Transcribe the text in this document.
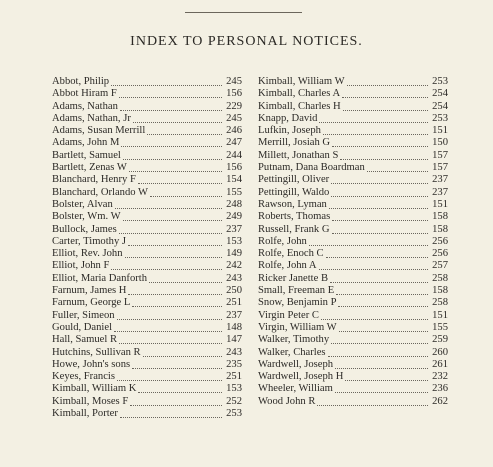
INDEX TO PERSONAL NOTICES.
Abbot, Philip	245
Abbot Hiram F	156
Adams, Nathan	229
Adams, Nathan, Jr	245
Adams, Susan Merrill	246
Adams, John M	247
Bartlett, Samuel	244
Bartlett, Zenas W	156
Blanchard, Henry F	154
Blanchard, Orlando W	155
Bolster, Alvan	248
Bolster, Wm. W	249
Bullock, James	237
Carter, Timothy J	153
Elliot, Rev. John	149
Elliot, John F	242
Elliot, Maria Danforth	243
Farnum, James H	250
Farnum, George L	251
Fuller, Simeon	237
Gould, Daniel	148
Hall, Samuel R	147
Hutchins, Sullivan R	243
Howe, John's sons	235
Keyes, Francis	251
Kimball, William K	153
Kimball, Moses F	252
Kimball, Porter	253
Kimball, William W	253
Kimball, Charles A	254
Kimball, Charles H	254
Knapp, David	253
Lufkin, Joseph	151
Merrill, Josiah G	150
Millett, Jonathan S	157
Putnam, Dana Boardman	157
Pettingill, Oliver	237
Pettingill, Waldo	237
Rawson, Lyman	151
Roberts, Thomas	158
Russell, Frank G	158
Rolfe, John	256
Rolfe, Enoch C	256
Rolfe, John A	257
Ricker Janette B	258
Small, Freeman E	158
Snow, Benjamin P	258
Virgin Peter C	151
Virgin, William W	155
Walker, Timothy	259
Walker, Charles	260
Wardwell, Joseph	261
Wardwell, Joseph H	232
Wheeler, William	236
Wood John R	262
